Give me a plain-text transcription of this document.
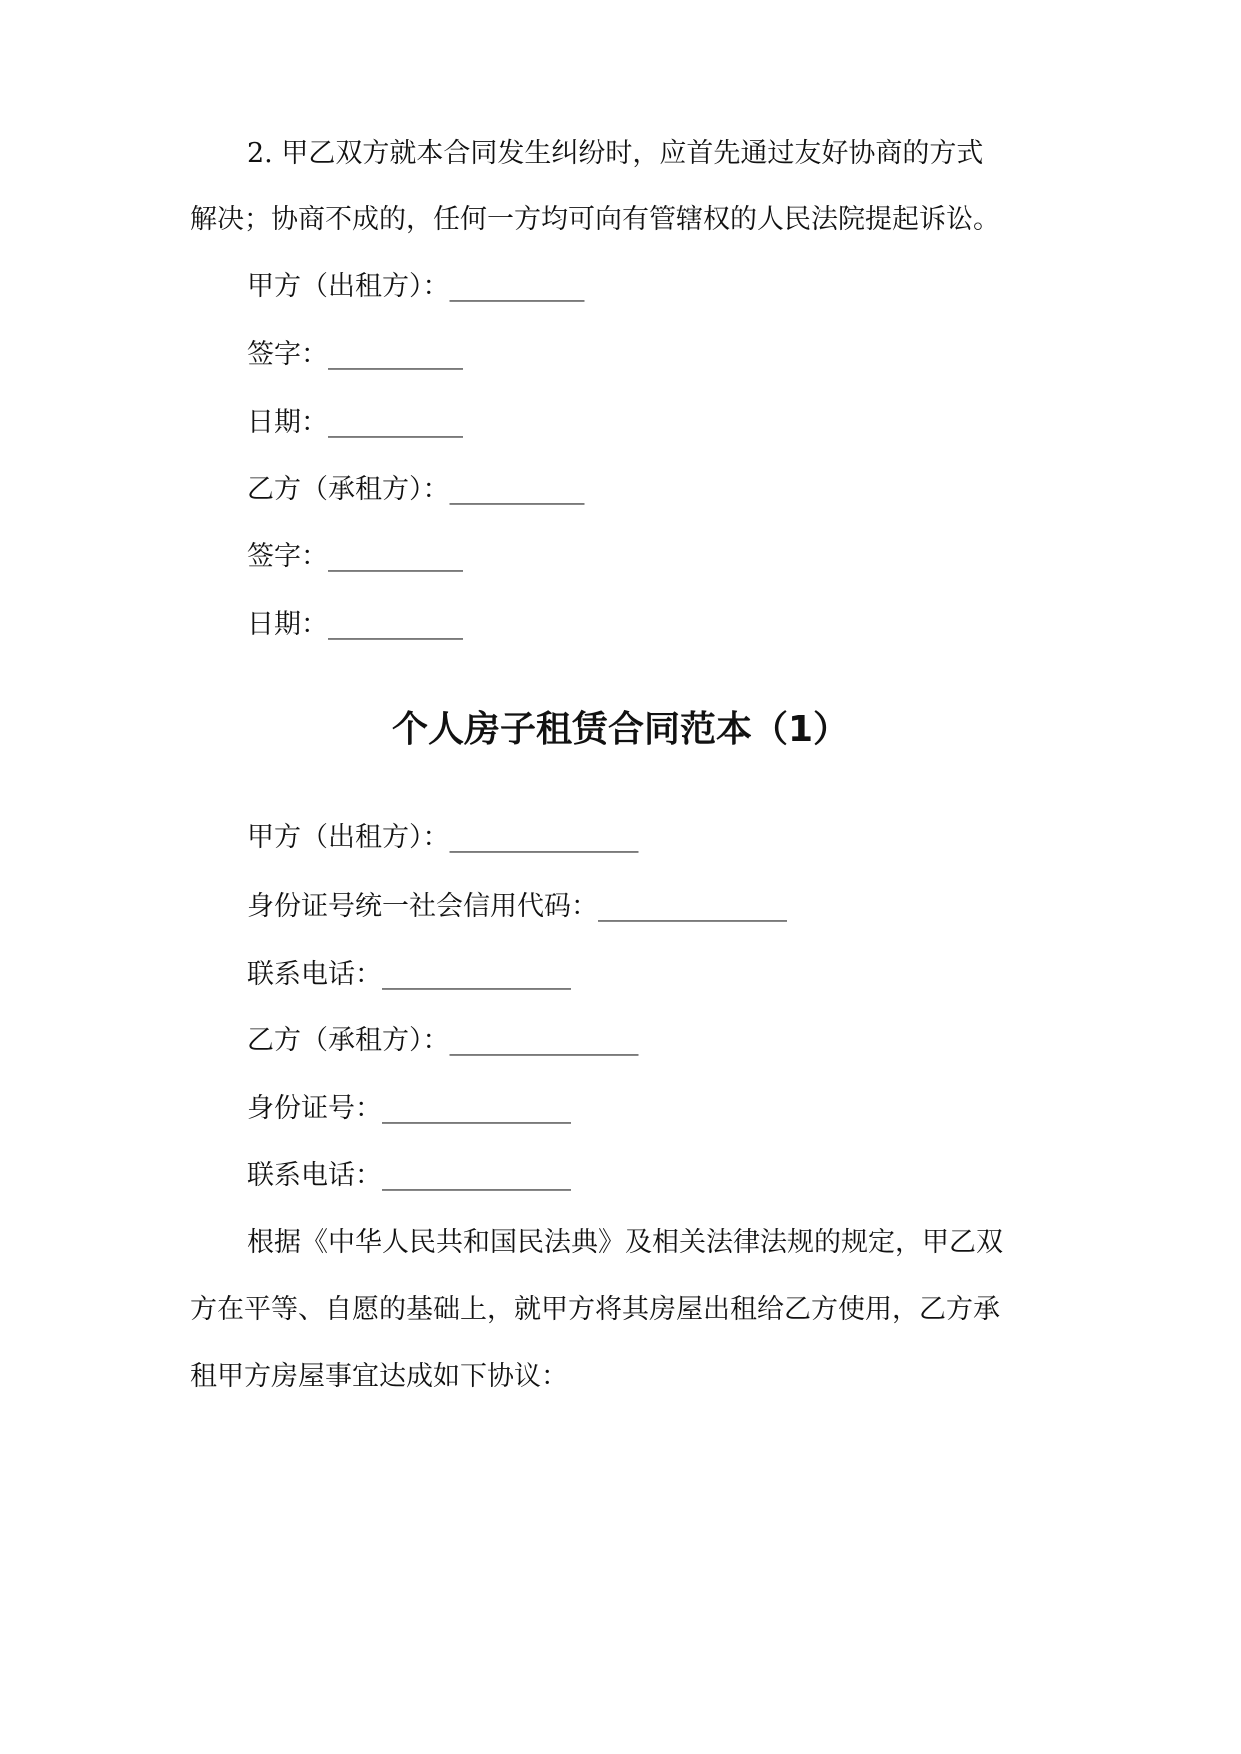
2. 甲乙双方就本合同发生纠纷时，应首先通过友好协商的方式
解决；协商不成的，任何一方均可向有管辖权的人民法院提起诉讼。
甲方（出租方）：__________
签字：__________
日期：__________
乙方（承租方）：__________
签字：__________
日期：__________
个人房子租赁合同范本（1）
甲方（出租方）：______________
身份证号统一社会信用代码：______________
联系电话：______________
乙方（承租方）：______________
身份证号：______________
联系电话：______________
根据《中华人民共和国民法典》及相关法律法规的规定，甲乙双
方在平等、自愿的基础上，就甲方将其房屋出租给乙方使用，乙方承
租甲方房屋事宜达成如下协议：
